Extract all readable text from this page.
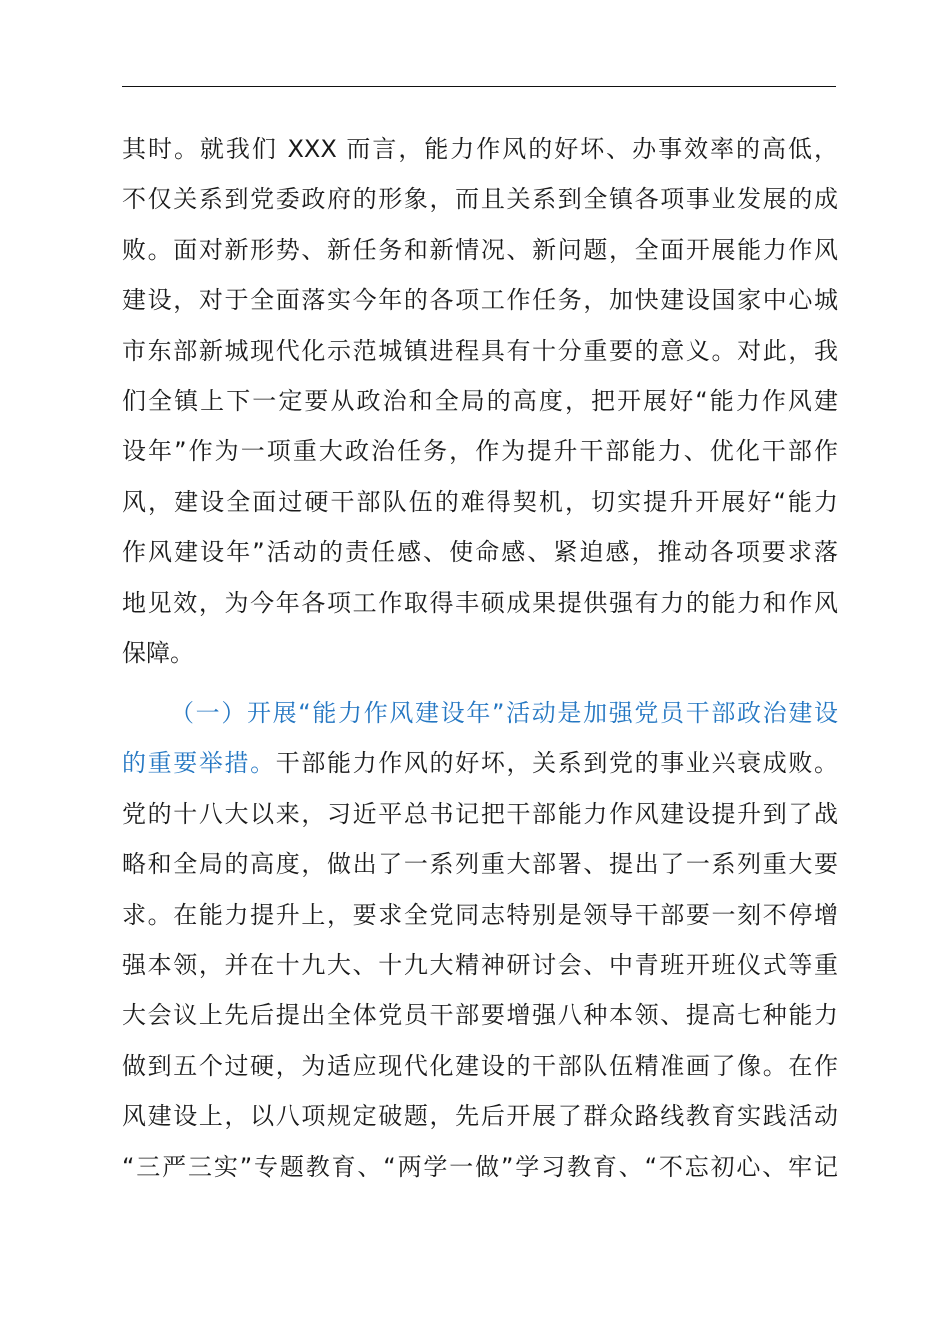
其时。就我们 XXX 而言，能力作风的好坏、办事效率的高低，
不仅关系到党委政府的形象，而且关系到全镇各项事业发展的成
败。面对新形势、新任务和新情况、新问题，全面开展能力作风
建设，对于全面落实今年的各项工作任务，加快建设国家中心城
市东部新城现代化示范城镇进程具有十分重要的意义。对此，我
们全镇上下一定要从政治和全局的高度，把开展好“能力作风建
设年”作为一项重大政治任务，作为提升干部能力、优化干部作
风，建设全面过硬干部队伍的难得契机，切实提升开展好“能力
作风建设年”活动的责任感、使命感、紧迫感，推动各项要求落
地见效，为今年各项工作取得丰硕成果提供强有力的能力和作风
保障。
（一）开展“能力作风建设年”活动是加强党员干部政治建设
的重要举措。干部能力作风的好坏，关系到党的事业兴衰成败。
党的十八大以来，习近平总书记把干部能力作风建设提升到了战
略和全局的高度，做出了一系列重大部署、提出了一系列重大要
求。在能力提升上，要求全党同志特别是领导干部要一刻不停增
强本领，并在十九大、十九大精神研讨会、中青班开班仪式等重
大会议上先后提出全体党员干部要增强八种本领、提高七种能力
做到五个过硬，为适应现代化建设的干部队伍精准画了像。在作
风建设上，以八项规定破题，先后开展了群众路线教育实践活动
“三严三实”专题教育、“两学一做”学习教育、“不忘初心、牢记
